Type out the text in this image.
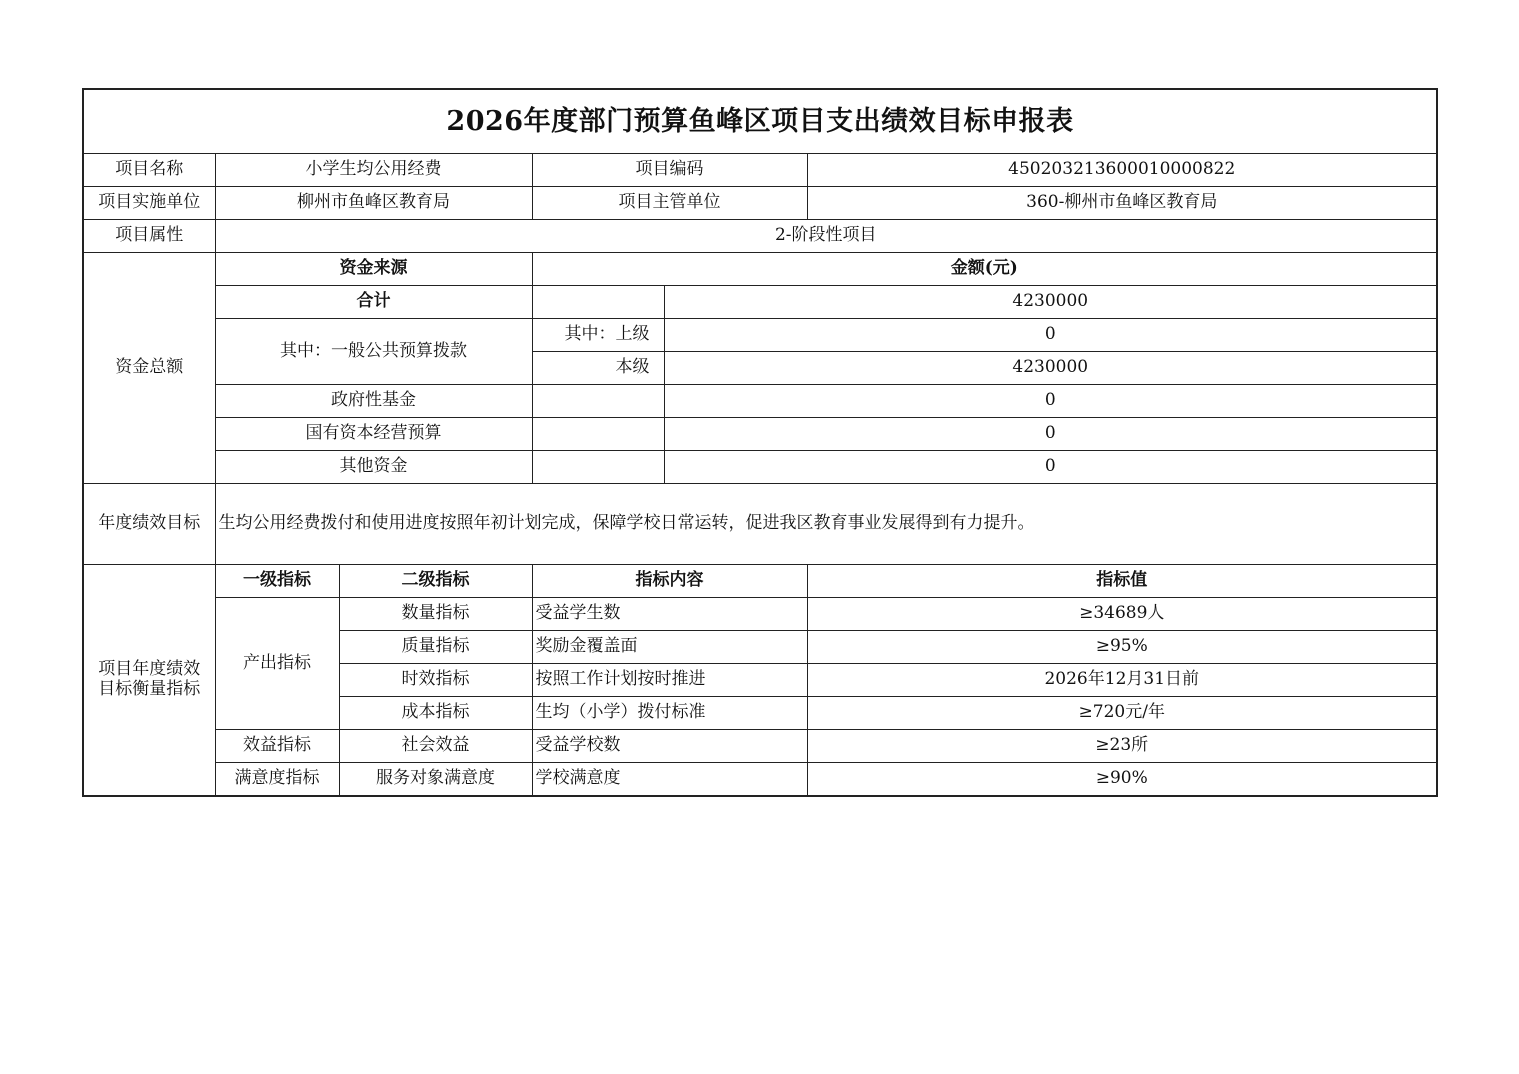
2026年度部门预算鱼峰区项目支出绩效目标申报表					
项目名称	小学生均公用经费		项目编码		450203213600010000822
项目实施单位	柳州市鱼峰区教育局		项目主管单位		360-柳州市鱼峰区教育局
项目属性	2-阶段性项目				
资金总额	资金来源		金额(元)		
	合计			4230000	
	其中：一般公共预算拨款		其中：上级	0	
			本级	4230000	
	政府性基金			0	
	国有资本经营预算			0	
	其他资金			0	
年度绩效目标	生均公用经费拨付和使用进度按照年初计划完成，保障学校日常运转，促进我区教育事业发展得到有力提升。				
项目年度绩效
目标衡量指标	一级指标	二级指标	指标内容		指标值
	产出指标	数量指标	受益学生数		≥34689人
		质量指标	奖励金覆盖面		≥95%
		时效指标	按照工作计划按时推进		2026年12月31日前
		成本指标	生均（小学）拨付标准		≥720元/年
	效益指标	社会效益	受益学校数		≥23所
	满意度指标	服务对象满意度	学校满意度		≥90%
